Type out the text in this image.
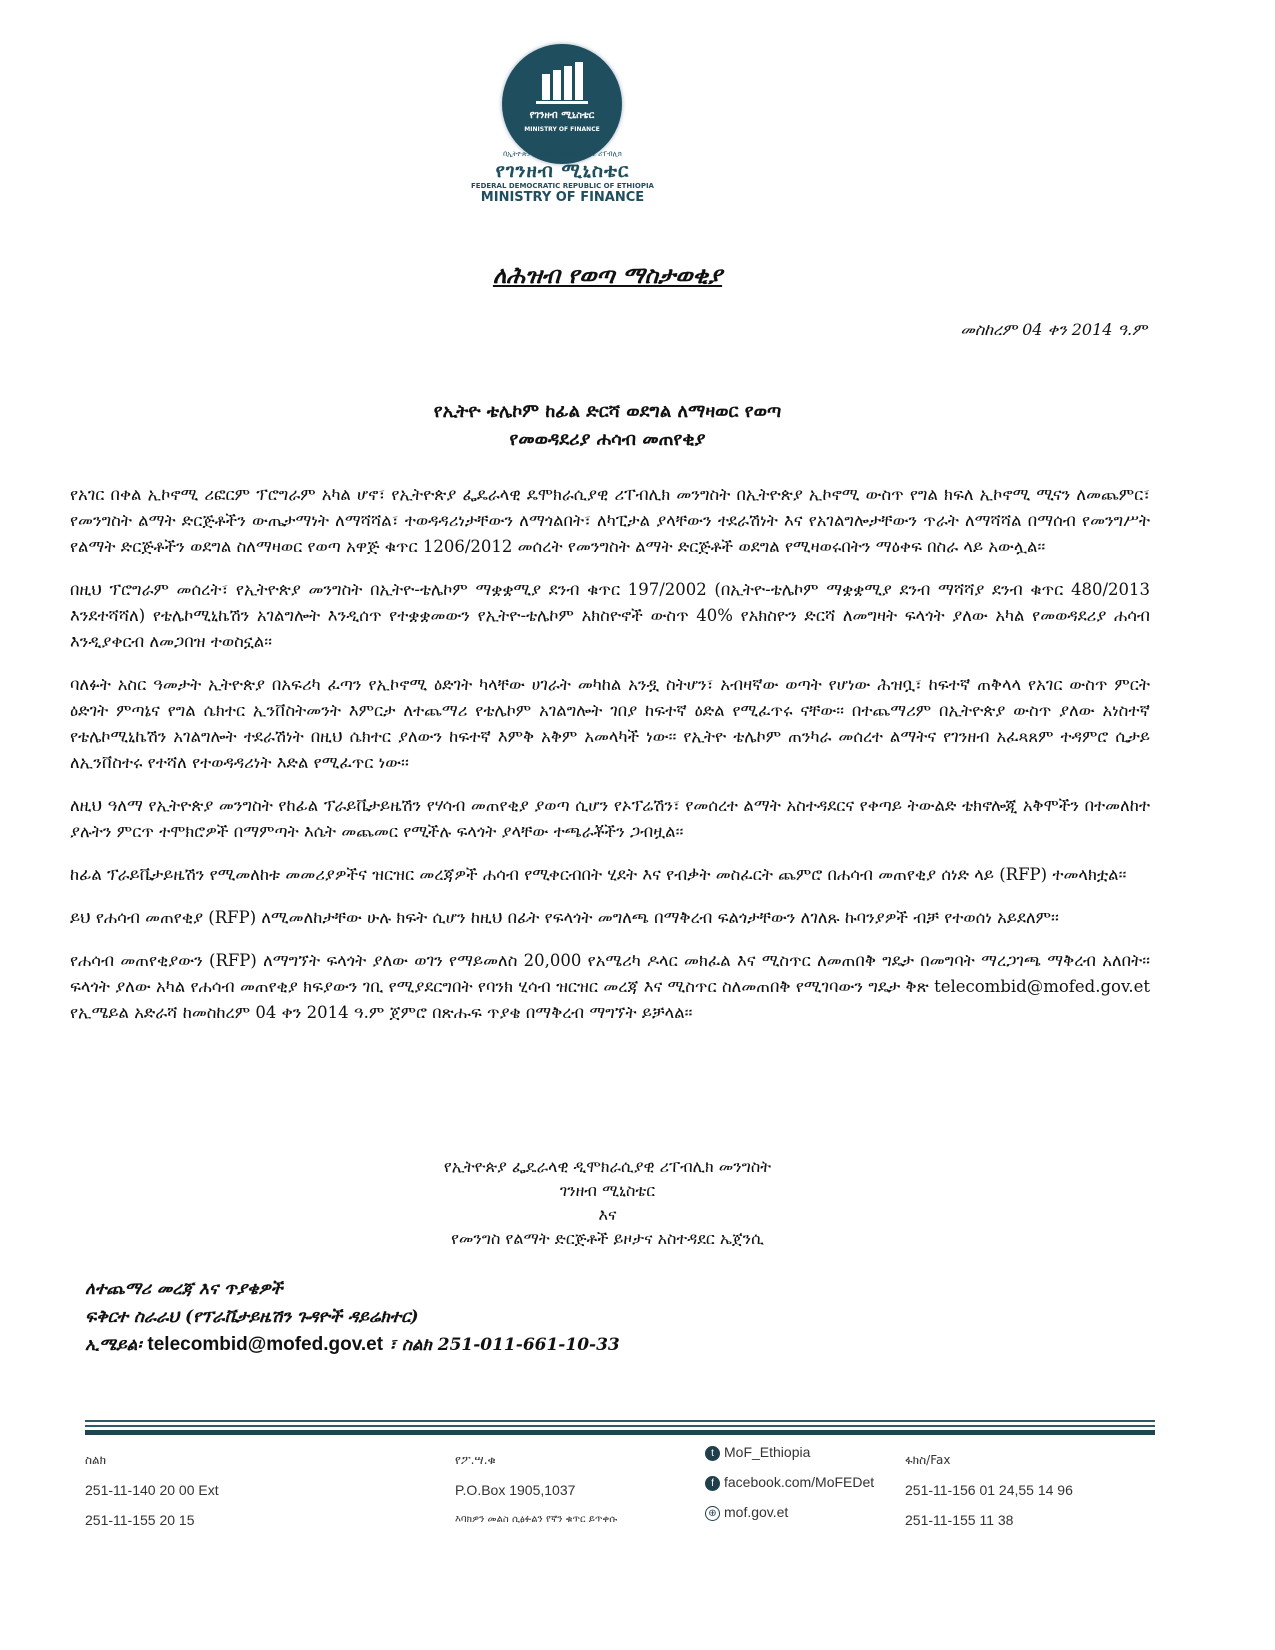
የገንዘብ ሚኒስቴር
MINISTRY OF FINANCE
በኢትዮጵያ ፌዴራላዊ ዲሞክራሲያዊ ሪፐብሊክ
የገንዘብ ሚኒስቴር
FEDERAL DEMOCRATIC REPUBLIC OF ETHIOPIA
MINISTRY OF FINANCE
ለሕዝብ የወጣ ማስታወቂያ
መስከረም 04 ቀን 2014 ዓ.ም
የኢትዮ ቴሌኮም ከፊል ድርሻ ወደግል ለማዛወር የወጣ
የመወዳደሪያ ሐሳብ መጠየቂያ

የአገር በቀል ኢኮኖሚ ሪፎርም ፕሮግራም አካል ሆኖ፣ የኢትዮጵያ ፌዴራላዊ ዴሞክራሲያዊ ሪፐብሊክ መንግስት በኢትዮጵያ ኢኮኖሚ ውስጥ የግል ክፍለ ኢኮኖሚ ሚናን ለመጨምር፣ የመንግስት ልማት ድርጅቶችን ውጤታማነት ለማሻሻል፣ ተወዳዳሪነታቸውን ለማጎልበት፣ ለካፒታል ያላቸውን ተደራሽነት እና የአገልግሎታቸውን ጥራት ለማሻሻል በማሰብ የመንግሥት የልማት ድርጅቶችን ወደግል ስለማዛወር የወጣ አዋጅ ቁጥር 1206/2012 መሰረት የመንግስት ልማት ድርጅቶች ወደግል የሚዛወሩበትን ማዕቀፍ በስራ ላይ አውሏል፡፡

በዚህ ፕሮግራም መሰረት፣ የኢትዮጵያ መንግስት በኢትዮ-ቴሌኮም ማቋቋሚያ ደንብ ቁጥር 197/2002 (በኢትዮ-ቴሌኮም ማቋቋሚያ ደንብ ማሻሻያ ደንብ ቁጥር 480/2013 እንደተሻሻለ) የቴሌኮሚኒኬሽን አገልግሎት እንዲሰጥ የተቋቋመውን የኢትዮ-ቴሌኮም አክስዮኖች ውስጥ 40% የአክስዮን ድርሻ ለመግዛት ፍላጎት ያለው አካል የመወዳደሪያ ሐሳብ እንዲያቀርብ ለመጋበዝ ተወስኗል፡፡

ባለፉት አስር ዓመታት ኢትዮጵያ በአፍሪካ ፈጣን የኢኮኖሚ ዕድገት ካላቸው ሀገራት መካከል አንዷ ስትሆን፣ አብዛኛው ወጣት የሆነው ሕዝቧ፣ ከፍተኛ ጠቅላላ የአገር ውስጥ ምርት ዕድገት ምጣኔና የግል ሴክተር ኢንቨስትመንት እምርታ ለተጨማሪ የቴሌኮም አገልግሎት ገበያ ከፍተኛ ዕድል የሚፈጥሩ ናቸው፡፡ በተጨማሪም በኢትዮጵያ ውስጥ ያለው አነስተኛ የቴሌኮሚኒኬሽን አገልግሎት ተደራሽነት በዚህ ሴክተር ያለውን ከፍተኛ እምቅ አቅም አመላካች ነው፡፡ የኢትዮ ቴሌኮም ጠንካራ መሰረተ ልማትና የገንዘብ አፈጻጸም ተዳምሮ ሲታይ ለኢንቨስተሩ የተሻለ የተወዳዳሪነት እድል የሚፈጥር ነው፡፡

ለዚህ ዓለማ የኢትዮጵያ መንግስት የከፊል ፕራይቬታይዜሽን የሃሳብ መጠየቂያ ያወጣ ሲሆን የኦፕሬሽን፣ የመሰረተ ልማት አስተዳደርና የቀጣይ ትውልድ ቴክኖሎጂ አቅሞችን በተመለከተ ያሉትን ምርጥ ተሞክሮዎች በማምጣት እሴት መጨመር የሚችሉ ፍላጎት ያላቸው ተጫራቾችን ጋብዟል፡፡

ከፊል ፕራይቬታይዜሽን የሚመለከቱ መመሪያዎችና ዝርዝር መረጃዎች ሐሳብ የሚቀርብበት ሂደት እና የብቃት መስፈርት ጨምሮ በሐሳብ መጠየቂያ ሰነድ ላይ (RFP) ተመላክቷል፡፡

ይህ የሐሳብ መጠየቂያ (RFP) ለሚመለከታቸው ሁሉ ክፍት ሲሆን ከዚህ በፊት የፍላጎት መግለጫ በማቅረብ ፍልጎታቸውን ለገለጹ ኩባንያዎች ብቻ የተወሰነ አይደለም፡፡

የሐሳብ መጠየቂያውን (RFP) ለማግኘት ፍላጎት ያለው ወገን የማይመለስ 20,000 የአሜሪካ ዶላር መክፈል እና ሚስጥር ለመጠበቅ ግዴታ በመግባት ማረጋገጫ ማቅረብ አለበት፡፡ ፍላጎት ያለው አካል የሐሳብ መጠየቂያ ክፍያውን ገቢ የሚያደርግበት የባንክ ሂሳብ ዝርዝር መረጃ እና ሚስጥር ስለመጠበቅ የሚገባውን ግዴታ ቅጽ telecombid@mofed.gov.et የኢሜይል አድራሻ ከመስከረም 04 ቀን 2014 ዓ.ም ጀምሮ በጽሑፍ ጥያቄ በማቅረብ ማግኘት ይቻላል፡፡

የኢትዮጵያ ፌዴራላዊ ዲሞክራሲያዊ ሪፐብሊክ መንግስት
ገንዘብ ሚኒስቴር
እና
የመንግስ የልማት ድርጅቶች ይዞታና አስተዳደር ኤጀንሲ
ለተጨማሪ መረጃ እና ጥያቄዎች
ፍቅርተ ስራራህ (የፕራቬታይዜሽን ጉዳዮች ዳይሬክተር)
ኢሜይል፡ telecombid@mofed.gov.et ፣ ስልክ 251-011-661-10-33
ስልክ
251-11-140 20 00 Ext
251-11-155 20 15
የፖ.ሣ.ቁ
P.O.Box 1905,1037
እባክዎን መልስ ሲፅፉልን የኛን ቁጥር ይጥቀሱ
t MoF_Ethiopia
f facebook.com/MoFEDet
⊕ mof.gov.et
ፋክስ/Fax
251-11-156 01 24,55 14 96
251-11-155 11 38
